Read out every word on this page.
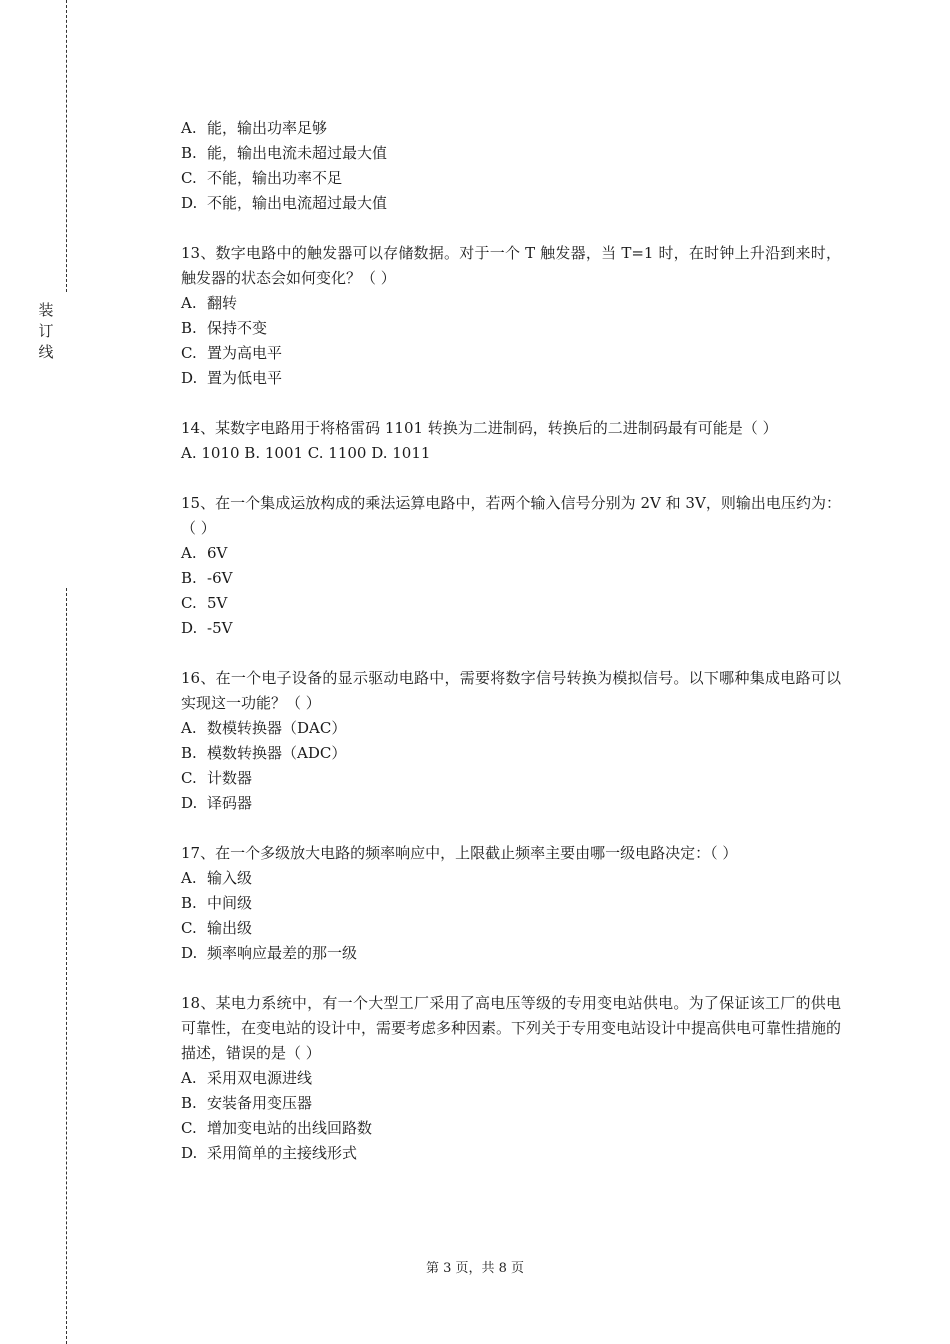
装
订
线
A. 能，输出功率足够
B. 能，输出电流未超过最大值
C. 不能，输出功率不足
D. 不能，输出电流超过最大值
13、数字电路中的触发器可以存储数据。对于一个 T 触发器，当 T=1 时，在时钟上升沿到来时，触发器的状态会如何变化？（ ）
A. 翻转
B. 保持不变
C. 置为高电平
D. 置为低电平
14、某数字电路用于将格雷码 1101 转换为二进制码，转换后的二进制码最有可能是（ ）
A. 1010 B. 1001 C. 1100 D. 1011
15、在一个集成运放构成的乘法运算电路中，若两个输入信号分别为 2V 和 3V，则输出电压约为：（ ）
A. 6V
B. -6V
C. 5V
D. -5V
16、在一个电子设备的显示驱动电路中，需要将数字信号转换为模拟信号。以下哪种集成电路可以实现这一功能？（ ）
A. 数模转换器（DAC）
B. 模数转换器（ADC）
C. 计数器
D. 译码器
17、在一个多级放大电路的频率响应中，上限截止频率主要由哪一级电路决定：（ ）
A. 输入级
B. 中间级
C. 输出级
D. 频率响应最差的那一级
18、某电力系统中，有一个大型工厂采用了高电压等级的专用变电站供电。为了保证该工厂的供电可靠性，在变电站的设计中，需要考虑多种因素。下列关于专用变电站设计中提高供电可靠性措施的描述，错误的是（ ）
A. 采用双电源进线
B. 安装备用变压器
C. 增加变电站的出线回路数
D. 采用简单的主接线形式
第 3 页，共 8 页
